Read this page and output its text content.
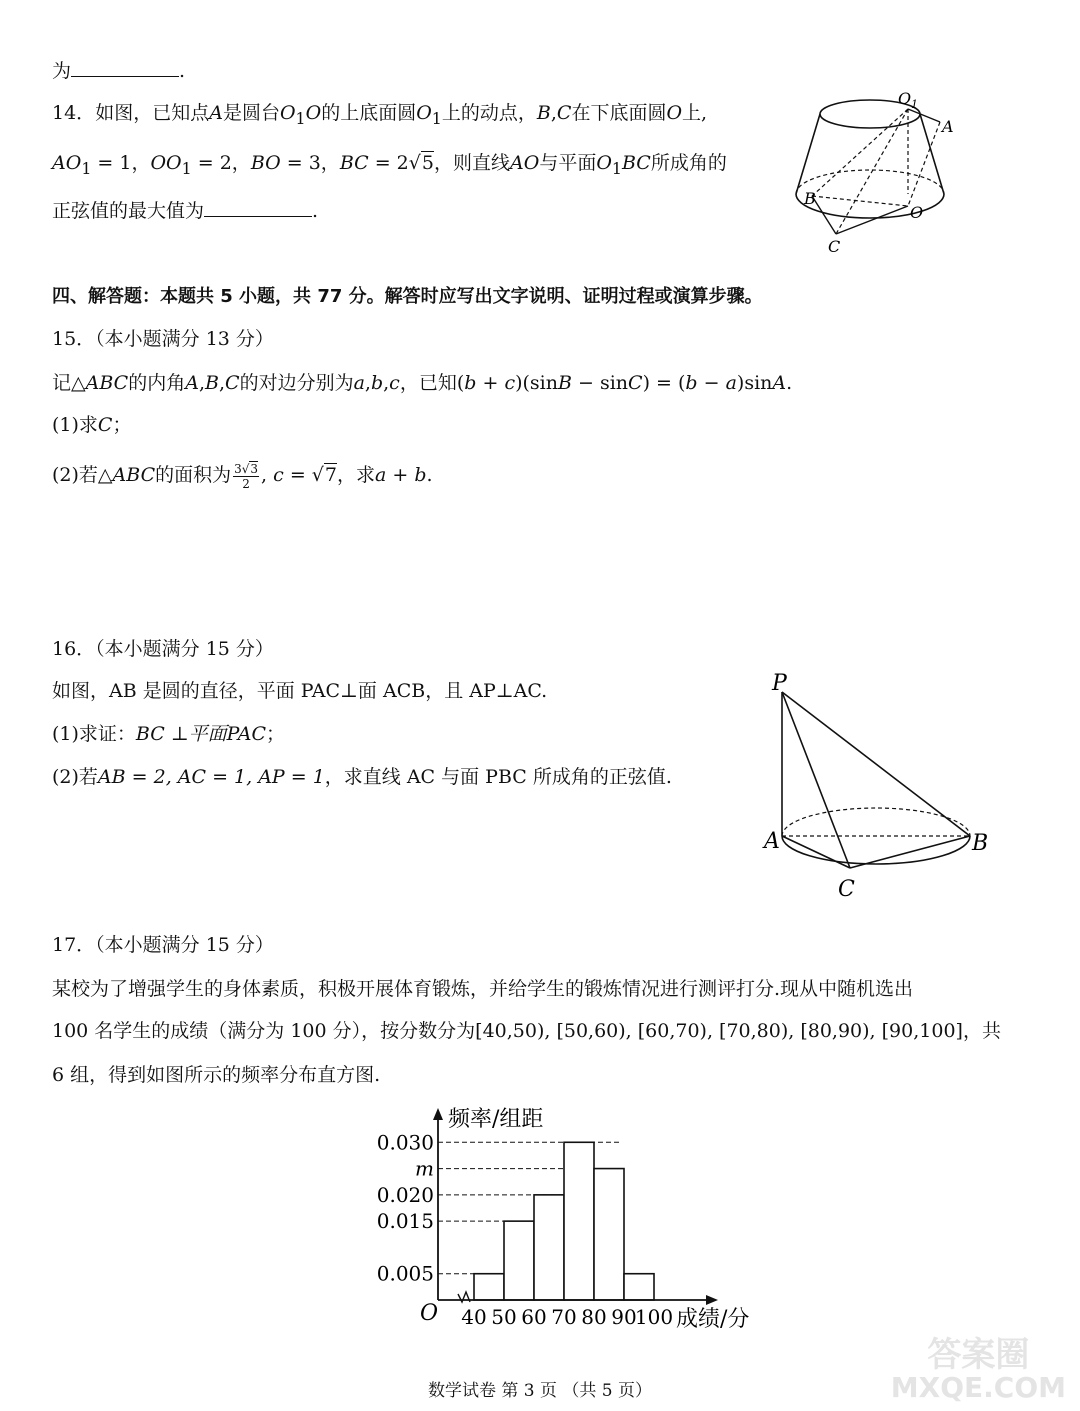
为	.
14．如图，已知点A是圆台$O_1O$的上底面圆$O_1$上的动点，B,C在下底面圆O上,
$AO_1 = 1$，$OO_1 = 2$，BO = 3，BC = 2√5，则直线AO与平面$O_1BC$所成角的
正弦值的最大值为	.
O 1
A
B
O
C
四、解答题：本题共 5 小题，共 77 分。解答时应写出文字说明、证明过程或演算步骤。
15．（本小题满分 13 分）
记△ABC的内角A,B,C的对边分别为a,b,c，已知(b + c)(sinB − sinC) = (b − a)sinA.
(1)求C；
(2)若△ABC的面积为 $\frac{3√3}{2}$ , c = √7，求a + b.
16．（本小题满分 15 分）
如图，AB 是圆的直径，平面 PAC⊥面 ACB，且 AP⊥AC.
(1)求证：BC ⊥平面PAC；
(2)若AB = 2, AC = 1, AP = 1，求直线 AC 与面 PBC 所成角的正弦值.
P
A	B
C
17．（本小题满分 15 分）
某校为了增强学生的身体素质，积极开展体育锻炼，并给学生的锻炼情况进行测评打分.现从中随机选出
100 名学生的成绩（满分为 100 分），按分数分为[40,50), [50,60), [60,70), [70,80), [80,90), [90,100]，共
6 组，得到如图所示的频率分布直方图.
0.005
0.015
0.020
m
0.030
40 50 60 70 80 90
100
频率/组距
成绩/分
O
数学试卷 第 3 页 （共 5 页）
答案圈
MXQE.COM
